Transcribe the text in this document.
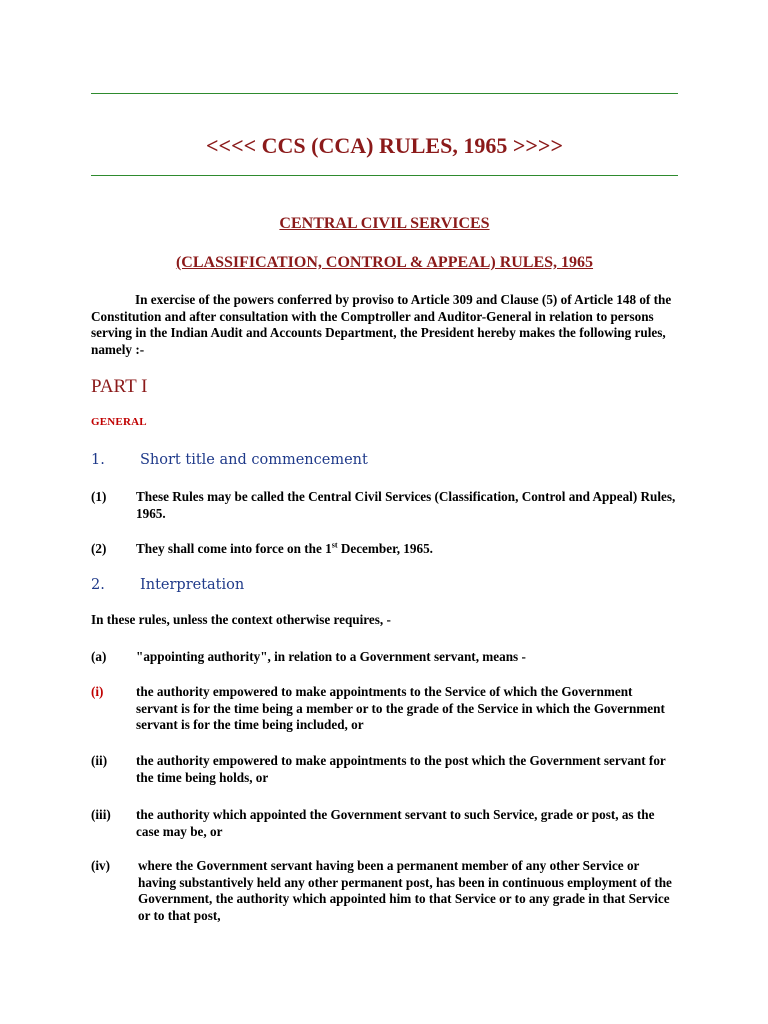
<<<< CCS (CCA) RULES, 1965 >>>>
CENTRAL CIVIL SERVICES
(CLASSIFICATION, CONTROL & APPEAL) RULES, 1965
In exercise of the powers conferred by proviso to Article 309 and Clause (5) of Article 148 of the Constitution and after consultation with the Comptroller and Auditor-General in relation to persons serving in the Indian Audit and Accounts Department, the President hereby makes the following rules, namely :-
PART I
GENERAL
1. Short title and commencement
(1) These Rules may be called the Central Civil Services (Classification, Control and Appeal) Rules, 1965.
(2) They shall come into force on the 1st December, 1965.
2. Interpretation
In these rules, unless the context otherwise requires, -
(a) "appointing authority", in relation to a Government servant, means -
(i) the authority empowered to make appointments to the Service of which the Government servant is for the time being a member or to the grade of the Service in which the Government servant is for the time being included, or
(ii) the authority empowered to make appointments to the post which the Government servant for the time being holds, or
(iii) the authority which appointed the Government servant to such Service, grade or post, as the case may be, or
(iv) where the Government servant having been a permanent member of any other Service or having substantively held any other permanent post, has been in continuous employment of the Government, the authority which appointed him to that Service or to any grade in that Service or to that post,
